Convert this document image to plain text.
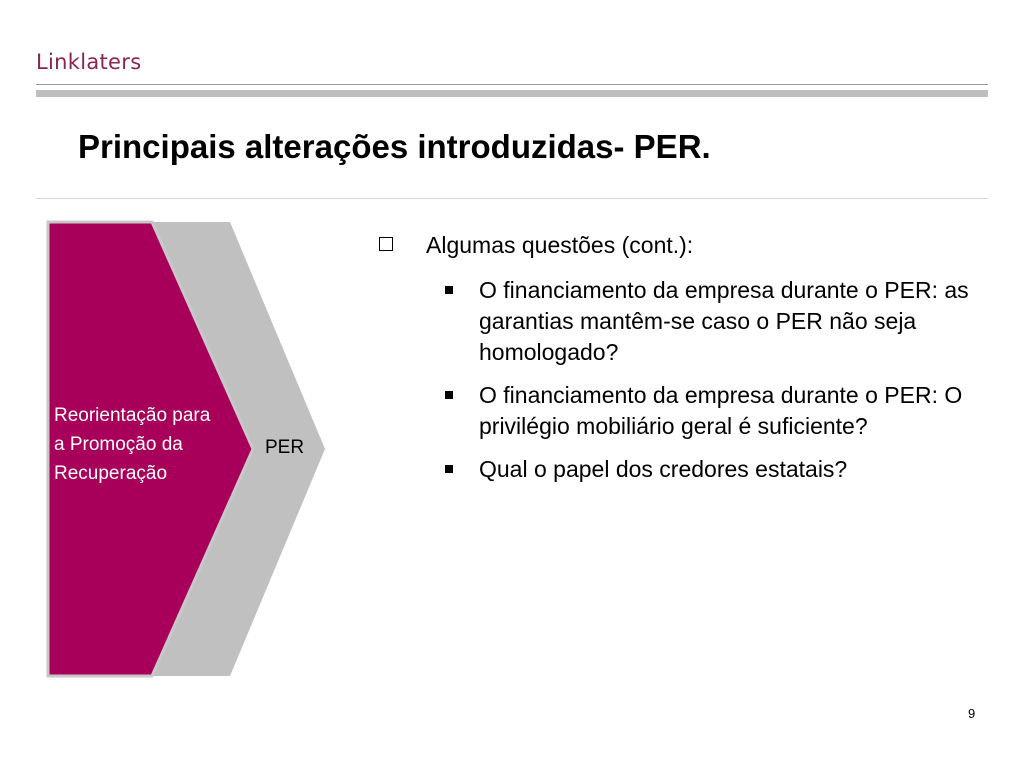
Linklaters
Principais alterações introduzidas- PER.
Reorientação para a Promoção da Recuperação
PER
Algumas questões (cont.):
O financiamento da empresa durante o PER: as garantias mantêm-se caso o PER não seja homologado?
O financiamento da empresa durante o PER: O privilégio mobiliário geral é suficiente?
Qual o papel dos credores estatais?
9
